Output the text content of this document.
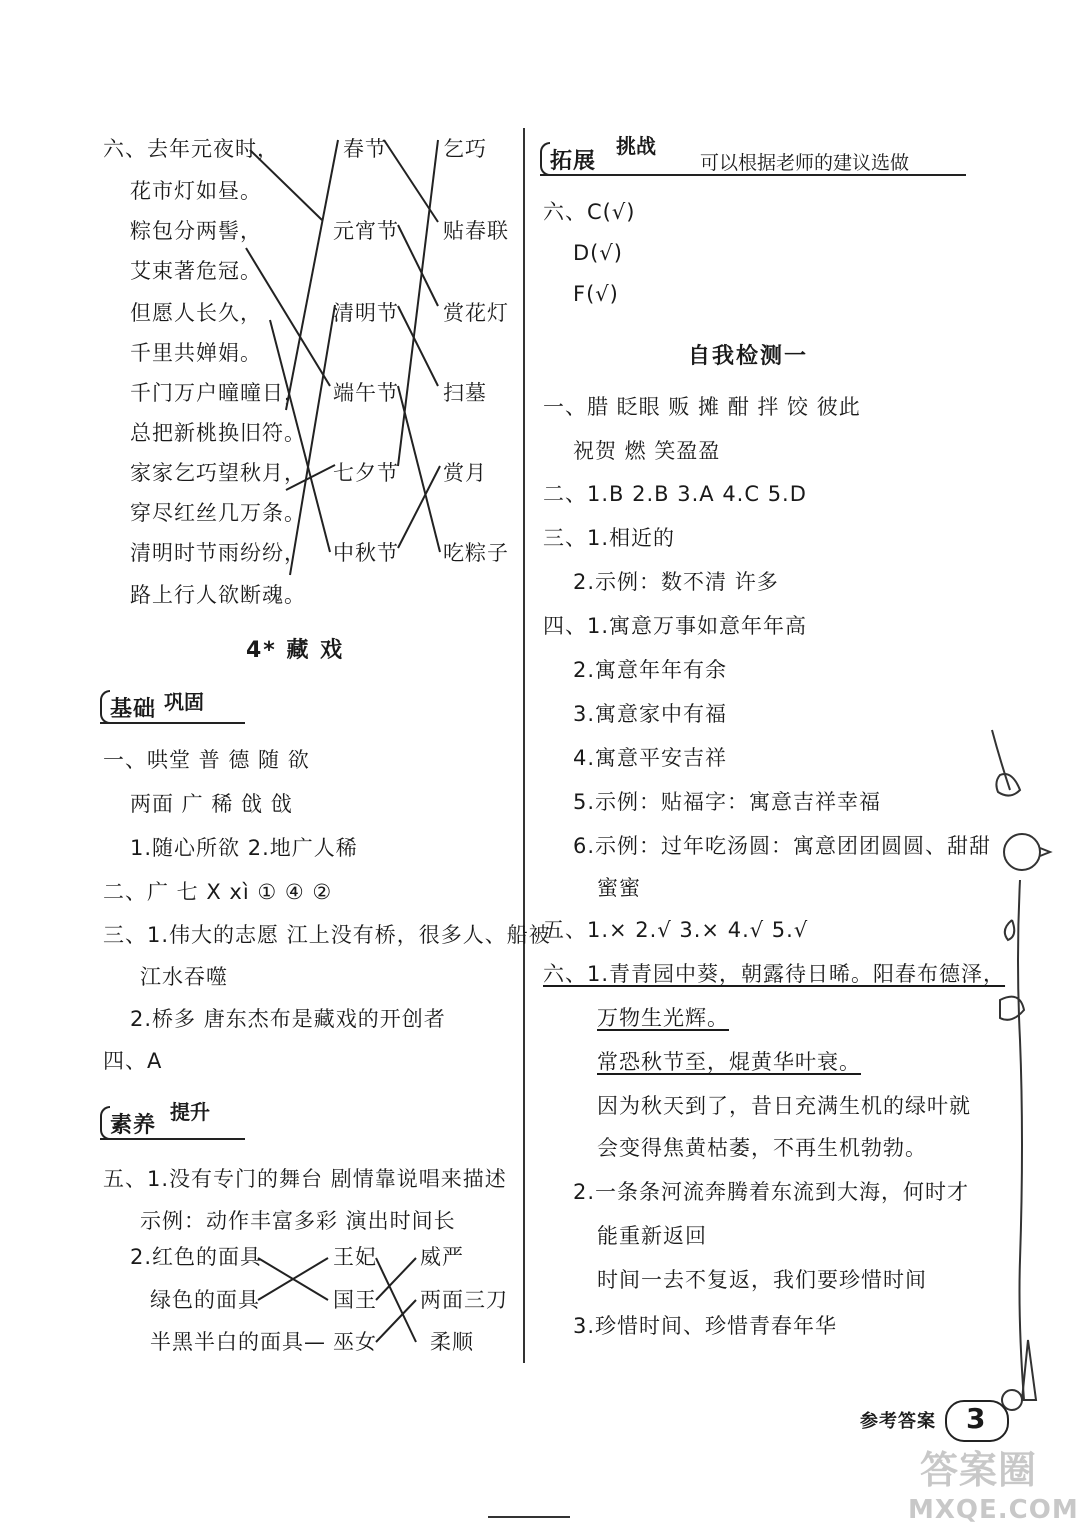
六、去年元夜时，
花市灯如昼。
粽包分两髻，
艾束著危冠。
但愿人长久，
千里共婵娟。
千门万户曈曈日，
总把新桃换旧符。
家家乞巧望秋月，
穿尽红丝几万条。
清明时节雨纷纷，
路上行人欲断魂。
春节
元宵节
清明节
端午节
七夕节
中秋节
乞巧
贴春联
赏花灯
扫墓
赏月
吃粽子
4* 藏 戏
基础 巩固
一、哄堂 普 德 随 欲
两面 广 稀 戗 戗
1.随心所欲 2.地广人稀
二、广 七 X xì ① ④ ②
三、1.伟大的志愿 江上没有桥，很多人、船被
江水吞噬
2.桥多 唐东杰布是藏戏的开创者
四、A
素养
提升
五、1.没有专门的舞台 剧情靠说唱来描述
示例：动作丰富多彩 演出时间长
2. 红色的面具
绿色的面具
半黑半白的面具—
王妃
国王
巫女
威严
两面三刀
柔顺
拓展
挑战
可以根据老师的建议选做
六、C(√)
D(√)
F(√)
自我检测一
一、腊 眨眼 贩 摊 酣 拌 饺 彼此
祝贺 燃 笑盈盈
二、1.B 2.B 3.A 4.C 5.D
三、1.相近的
2.示例：数不清 许多
四、1.寓意万事如意年年高
2.寓意年年有余
3.寓意家中有福
4.寓意平安吉祥
5.示例：贴福字：寓意吉祥幸福
6.示例：过年吃汤圆：寓意团团圆圆、甜甜
蜜蜜
五、1.× 2.√ 3.× 4.√ 5.√
六、1.青青园中葵，朝露待日晞。阳春布德泽，
万物生光辉。
常恐秋节至，焜黄华叶衰。
因为秋天到了，昔日充满生机的绿叶就
会变得焦黄枯萎，不再生机勃勃。
2.一条条河流奔腾着东流到大海，何时才
能重新返回
时间一去不复返，我们要珍惜时间
3.珍惜时间、珍惜青春年华
参考答案 3
答案圈
MXQE.COM
